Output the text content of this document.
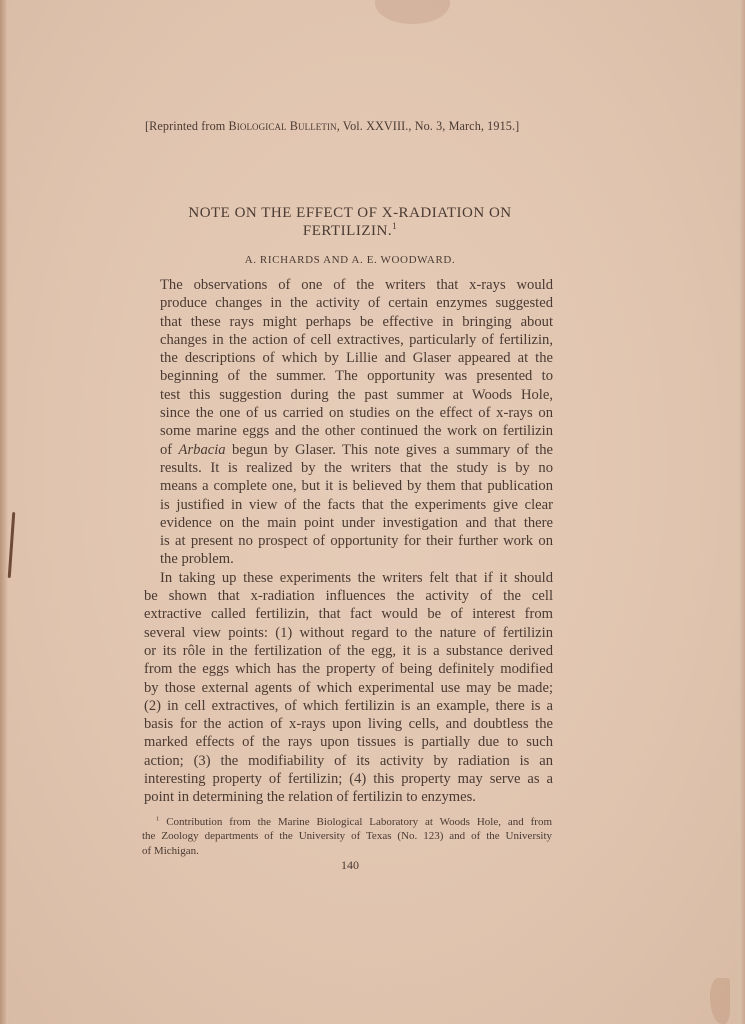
[Reprinted from Biological Bulletin, Vol. XXVIII., No. 3, March, 1915.]
NOTE ON THE EFFECT OF X-RADIATION ON
FERTILIZIN.$^1$
A. RICHARDS AND A. E. WOODWARD.

The observations of one of the writers that x-rays would
produce changes in the activity of certain enzymes suggested
that these rays might perhaps be effective in bringing about
changes in the action of cell extractives, particularly of fertilizin,
the descriptions of which by Lillie and Glaser appeared at the
beginning of the summer. The opportunity was presented to
test this suggestion during the past summer at Woods Hole,
since the one of us carried on studies on the effect of x-rays on
some marine eggs and the other continued the work on fertilizin
of Arbacia begun by Glaser. This note gives a summary of the
results. It is realized by the writers that the study is by no
means a complete one, but it is believed by them that publication
is justified in view of the facts that the experiments give clear
evidence on the main point under investigation and that there
is at present no prospect of opportunity for their further work on
the problem.

In taking up these experiments the writers felt that if it should
be shown that x-radiation influences the activity of the cell
extractive called fertilizin, that fact would be of interest from
several view points: (1) without regard to the nature of fertilizin
or its rôle in the fertilization of the egg, it is a substance derived
from the eggs which has the property of being definitely modified
by those external agents of which experimental use may be made;
(2) in cell extractives, of which fertilizin is an example, there is a
basis for the action of x-rays upon living cells, and doubtless the
marked effects of the rays upon tissues is partially due to such
action; (3) the modifiability of its activity by radiation is an
interesting property of fertilizin; (4) this property may serve as a
point in determining the relation of fertilizin to enzymes.

$^1$ Contribution from the Marine Biological Laboratory at Woods Hole, and from
the Zoology departments of the University of Texas (No. 123) and of the University
of Michigan.
140
